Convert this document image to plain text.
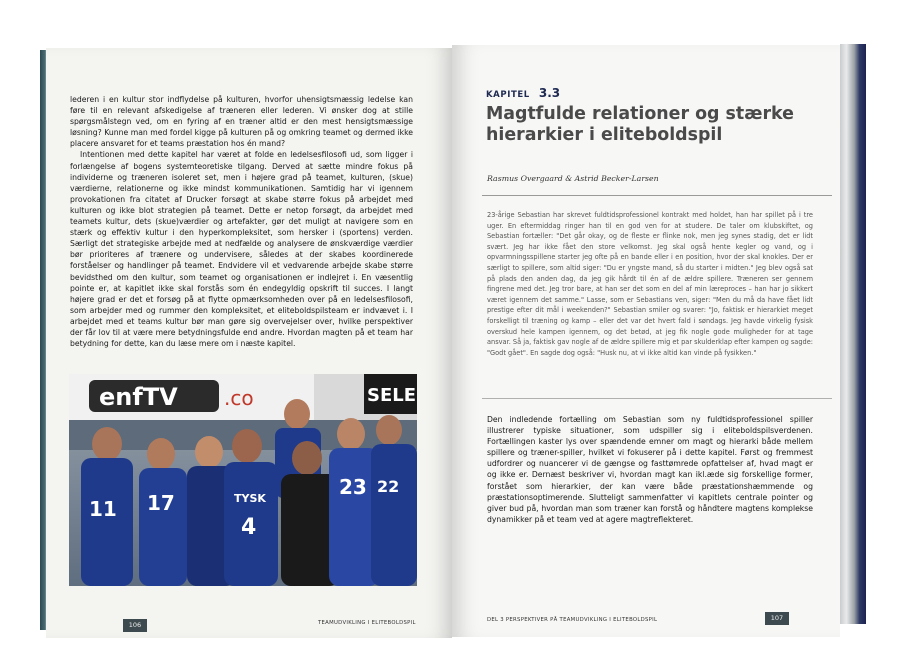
lederen i en kultur stor indflydelse på kulturen, hvorfor uhensigtsmæssig ledelse kan føre til en relevant afskedigelse af træneren eller lederen. Vi ønsker dog at stille spørgsmålstegn ved, om en fyring af en træner altid er den mest hensigtsmæssige løsning? Kunne man med fordel kigge på kulturen på og omkring teamet og dermed ikke placere ansvaret for et teams præstation hos én mand?

Intentionen med dette kapitel har været at folde en ledelsesfilosofi ud, som ligger i forlængelse af bogens systemteoretiske tilgang. Derved at sætte mindre fokus på individerne og træneren isoleret set, men i højere grad på teamet, kulturen, (skue) værdierne, relationerne og ikke mindst kommunikationen. Samtidig har vi igennem provokationen fra citatet af Drucker forsøgt at skabe større fokus på arbejdet med kulturen og ikke blot strategien på teamet. Dette er netop forsøgt, da arbejdet med teamets kultur, dets (skue)værdier og artefakter, gør det muligt at navigere som en stærk og effektiv kultur i den hyperkompleksitet, som hersker i (sportens) verden. Særligt det strategiske arbejde med at nedfælde og analysere de ønskværdige værdier bør prioriteres af trænere og undervisere, således at der skabes koordinerede forståelser og handlinger på teamet. Endvidere vil et vedvarende arbejde skabe større bevidsthed om den kultur, som teamet og organisationen er indlejret i. En væsentlig pointe er, at kapitlet ikke skal forstås som én endegyldig opskrift til succes. I langt højere grad er det et forsøg på at flytte opmærksomheden over på en ledelsesfilosofi, som arbejder med og rummer den kompleksitet, et eliteboldspilsteam er indvævet i. I arbejdet med et teams kultur bør man gøre sig overvejelser over, hvilke perspektiver der får lov til at være mere betydningsfulde end andre. Hvordan magten på et team har betydning for dette, kan du læse mere om i næste kapitel.

enfTV .co	SELE
11 17	TYSK
4
23 22
106	TEAMUDVIKLING I ELITEBOLDSPIL
KAPITEL 3.3
Magtfulde relationer og stærke hierarkier i eliteboldspil
Rasmus Overgaard & Astrid Becker-Larsen

23-årige Sebastian har skrevet fuldtidsprofessionel kontrakt med holdet, han har spillet på i tre uger. En eftermiddag ringer han til en god ven for at studere. De taler om klubskiftet, og Sebastian fortæller: "Det går okay, og de fleste er flinke nok, men jeg synes stadig, det er lidt svært. Jeg har ikke fået den store velkomst. Jeg skal også hente kegler og vand, og i opvarmningsspillene starter jeg ofte på en bande eller i en position, hvor der skal knokles. Der er særligt to spillere, som altid siger: "Du er yngste mand, så du starter i midten." Jeg blev også sat på plads den anden dag, da jeg gik hårdt til én af de ældre spillere. Træneren ser gennem fingrene med det. Jeg tror bare, at han ser det som en del af min læreproces – han har jo sikkert været igennem det samme." Lasse, som er Sebastians ven, siger: "Men du må da have fået lidt prestige efter dit mål i weekenden?" Sebastian smiler og svarer: "Jo, faktisk er hierarkiet meget forskelligt til træning og kamp – eller det var det hvert fald i søndags. Jeg havde virkelig fysisk overskud hele kampen igennem, og det betød, at jeg fik nogle gode muligheder for at tage ansvar. Så ja, faktisk gav nogle af de ældre spillere mig et par skulderklap efter kampen og sagde: "Godt gået". En sagde dog også: "Husk nu, at vi ikke altid kan vinde på fysikken."

Den indledende fortælling om Sebastian som ny fuldtidsprofessionel spiller illustrerer typiske situationer, som udspiller sig i eliteboldspilsverdenen. Fortællingen kaster lys over spændende emner om magt og hierarki både mellem spillere og træner-spiller, hvilket vi fokuserer på i dette kapitel. Først og fremmest udfordrer og nuancerer vi de gængse og fasttømrede opfattelser af, hvad magt er og ikke er. Dernæst beskriver vi, hvordan magt kan ikl.æde sig forskellige former, forstået som hierarkier, der kan være både præstationshæmmende og præstationsoptimerende. Slutteligt sammenfatter vi kapitlets centrale pointer og giver bud på, hvordan man som træner kan forstå og håndtere magtens komplekse dynamikker på et team ved at agere magtreflekteret.

DEL 3 PERSPEKTIVER PÅ TEAMUDVIKLING I ELITEBOLDSPIL	107
